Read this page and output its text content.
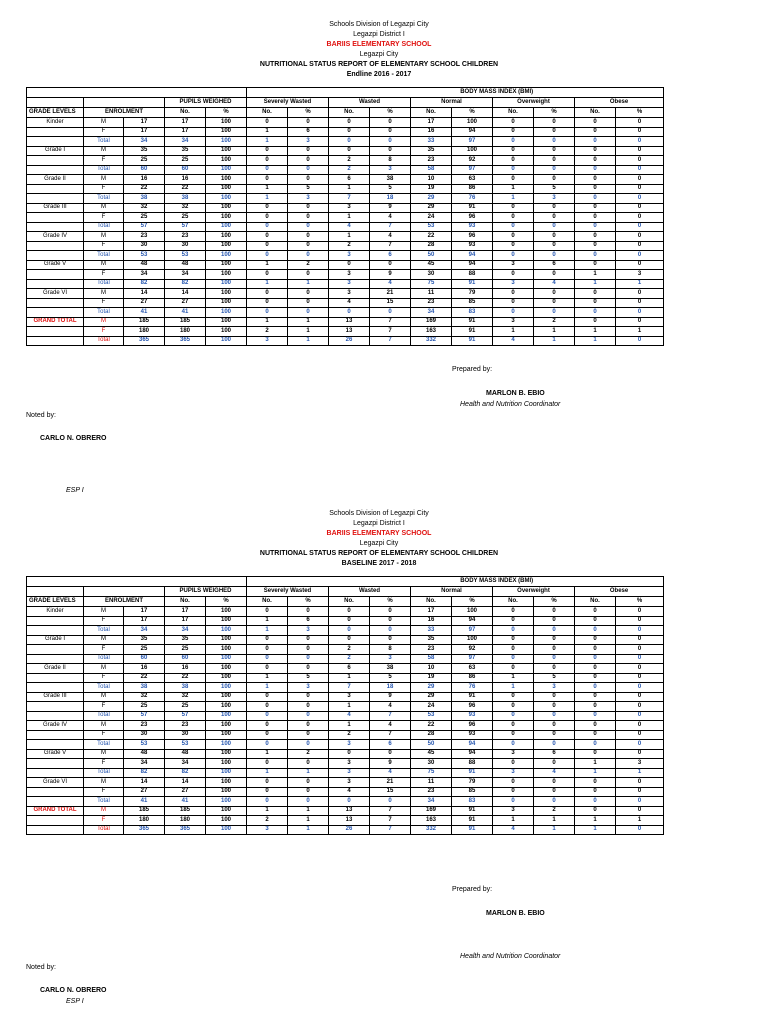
Schools Division of Legazpi City
Legazpi District I
BARIIS ELEMENTARY SCHOOL
Legazpi City
NUTRITIONAL STATUS REPORT OF ELEMENTARY SCHOOL CHILDREN
Endline 2016 - 2017
					BODY MASS INDEX (BMI)									
			PUPILS WEIGHED		Severely Wasted		Wasted		Normal		Overweight		Obese	
GRADE LEVELS	ENROLMENT		No.	%	No.	%	No.	%	No.	%	No.	%	No.	%
Kinder	M	17	17	100	0	0	0	0	17	100	0	0	0	0
	F	17	17	100	1	6	0	0	16	94	0	0	0	0
	Total	34	34	100	1	3	0	0	33	97	0	0	0	0
Grade I	M	35	35	100	0	0	0	0	35	100	0	0	0	0
	F	25	25	100	0	0	2	8	23	92	0	0	0	0
	Total	60	60	100	0	0	2	3	58	97	0	0	0	0
Grade II	M	16	16	100	0	0	6	38	10	63	0	0	0	0
	F	22	22	100	1	5	1	5	19	86	1	5	0	0
	Total	38	38	100	1	3	7	18	29	76	1	3	0	0
Grade III	M	32	32	100	0	0	3	9	29	91	0	0	0	0
	F	25	25	100	0	0	1	4	24	96	0	0	0	0
	Total	57	57	100	0	0	4	7	53	93	0	0	0	0
Grade IV	M	23	23	100	0	0	1	4	22	96	0	0	0	0
	F	30	30	100	0	0	2	7	28	93	0	0	0	0
	Total	53	53	100	0	0	3	6	50	94	0	0	0	0
Grade V	M	48	48	100	1	2	0	0	45	94	3	6	0	0
	F	34	34	100	0	0	3	9	30	88	0	0	1	3
	Total	82	82	100	1	1	3	4	75	91	3	4	1	1
Grade VI	M	14	14	100	0	0	3	21	11	79	0	0	0	0
	F	27	27	100	0	0	4	15	23	85	0	0	0	0
	Total	41	41	100	0	0	0	0	34	83	0	0	0	0
GRAND TOTAL	M	185	185	100	1	1	13	7	169	91	3	2	0	0
	F	180	180	100	2	1	13	7	163	91	1	1	1	1
	Total	365	365	100	3	1	26	7	332	91	4	1	1	0
Prepared by:
MARLON B. EBIO
Health and Nutrition Coordinator
Noted by:
CARLO N. OBRERO
ESP I
Schools Division of Legazpi City
Legazpi District I
BARIIS ELEMENTARY SCHOOL
Legazpi City
NUTRITIONAL STATUS REPORT OF ELEMENTARY SCHOOL CHILDREN
BASELINE 2017 - 2018
					BODY MASS INDEX (BMI)									
			PUPILS WEIGHED		Severely Wasted		Wasted		Normal		Overweight		Obese	
GRADE LEVELS	ENROLMENT		No.	%	No.	%	No.	%	No.	%	No.	%	No.	%
Kinder	M	17	17	100	0	0	0	0	17	100	0	0	0	0
	F	17	17	100	1	6	0	0	16	94	0	0	0	0
	Total	34	34	100	1	3	0	0	33	97	0	0	0	0
Grade I	M	35	35	100	0	0	0	0	35	100	0	0	0	0
	F	25	25	100	0	0	2	8	23	92	0	0	0	0
	Total	60	60	100	0	0	2	3	58	97	0	0	0	0
Grade II	M	16	16	100	0	0	6	38	10	63	0	0	0	0
	F	22	22	100	1	5	1	5	19	86	1	5	0	0
	Total	38	38	100	1	3	7	18	29	76	1	3	0	0
Grade III	M	32	32	100	0	0	3	9	29	91	0	0	0	0
	F	25	25	100	0	0	1	4	24	96	0	0	0	0
	Total	57	57	100	0	0	4	7	53	93	0	0	0	0
Grade IV	M	23	23	100	0	0	1	4	22	96	0	0	0	0
	F	30	30	100	0	0	2	7	28	93	0	0	0	0
	Total	53	53	100	0	0	3	6	50	94	0	0	0	0
Grade V	M	48	48	100	1	2	0	0	45	94	3	6	0	0
	F	34	34	100	0	0	3	9	30	88	0	0	1	3
	Total	82	82	100	1	1	3	4	75	91	3	4	1	1
Grade VI	M	14	14	100	0	0	3	21	11	79	0	0	0	0
	F	27	27	100	0	0	4	15	23	85	0	0	0	0
	Total	41	41	100	0	0	0	0	34	83	0	0	0	0
GRAND TOTAL	M	185	185	100	1	1	13	7	169	91	3	2	0	0
	F	180	180	100	2	1	13	7	163	91	1	1	1	1
	Total	365	365	100	3	1	26	7	332	91	4	1	1	0
Prepared by:
MARLON B. EBIO
Health and Nutrition Coordinator
Noted by:
CARLO N. OBRERO
ESP I
